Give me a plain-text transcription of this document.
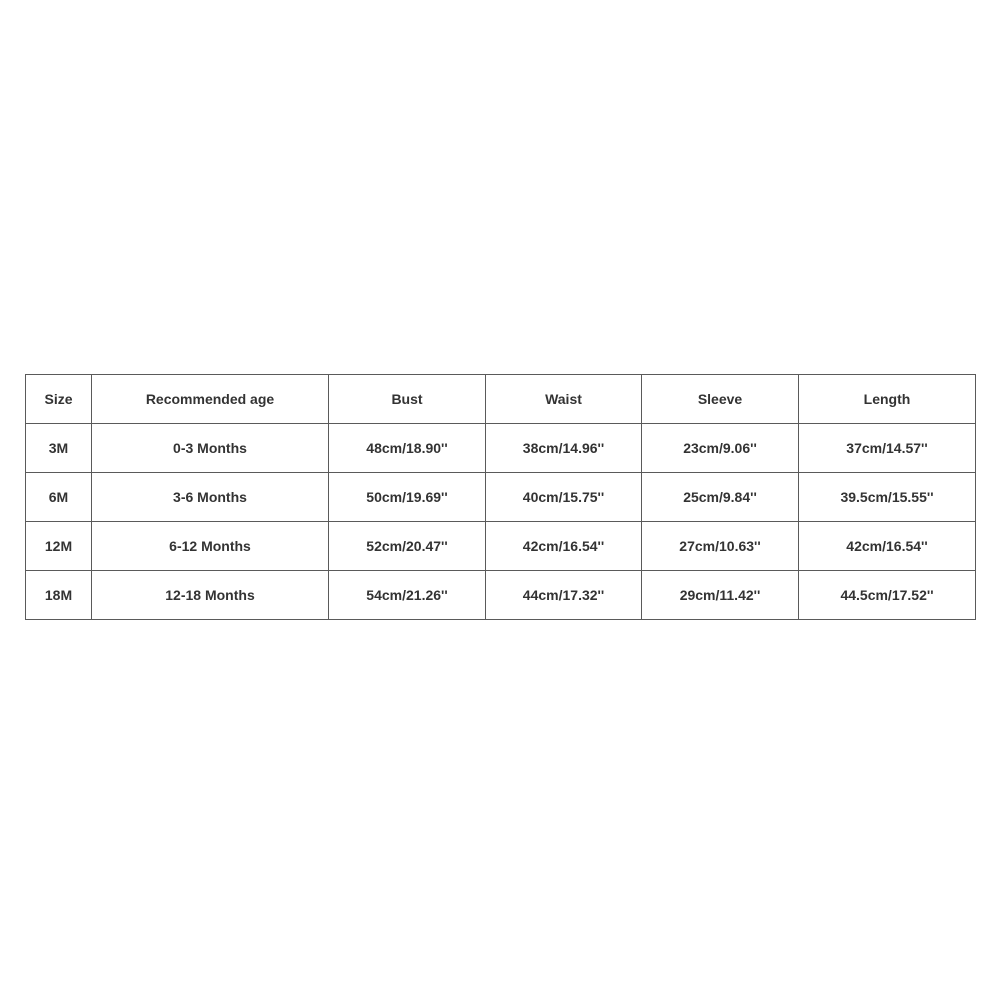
Size	Recommended age	Bust	Waist	Sleeve	Length
3M	0-3 Months	48cm/18.90''	38cm/14.96''	23cm/9.06''	37cm/14.57''
6M	3-6 Months	50cm/19.69''	40cm/15.75''	25cm/9.84''	39.5cm/15.55''
12M	6-12 Months	52cm/20.47''	42cm/16.54''	27cm/10.63''	42cm/16.54''
18M	12-18 Months	54cm/21.26''	44cm/17.32''	29cm/11.42''	44.5cm/17.52''
